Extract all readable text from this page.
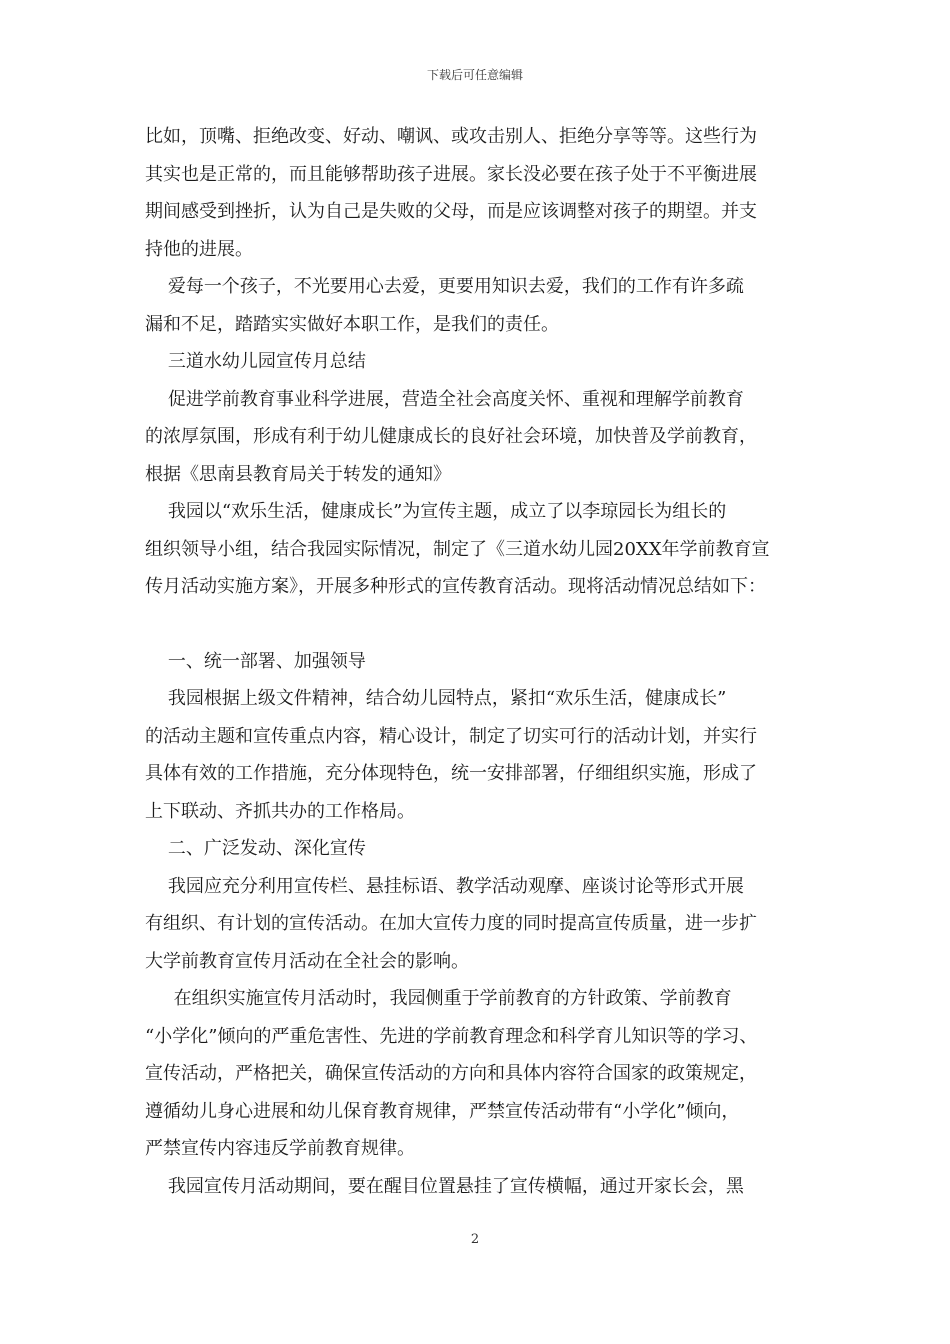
下载后可任意编辑

比如，顶嘴、拒绝改变、好动、嘲讽、或攻击别人、拒绝分享等等。这些行为

其实也是正常的，而且能够帮助孩子进展。家长没必要在孩子处于不平衡进展

期间感受到挫折，认为自己是失败的父母，而是应该调整对孩子的期望。并支

持他的进展。

爱每一个孩子，不光要用心去爱，更要用知识去爱，我们的工作有许多疏

漏和不足，踏踏实实做好本职工作，是我们的责任。

三道水幼儿园宣传月总结

促进学前教育事业科学进展，营造全社会高度关怀、重视和理解学前教育

的浓厚氛围，形成有利于幼儿健康成长的良好社会环境，加快普及学前教育，

根据《思南县教育局关于转发的通知》

我园以“欢乐生活，健康成长”为宣传主题，成立了以李琼园长为组长的

组织领导小组，结合我园实际情况，制定了《三道水幼儿园20XX年学前教育宣

传月活动实施方案》，开展多种形式的宣传教育活动。现将活动情况总结如下：

一、统一部署、加强领导

我园根据上级文件精神，结合幼儿园特点，紧扣“欢乐生活，健康成长”

的活动主题和宣传重点内容，精心设计，制定了切实可行的活动计划，并实行

具体有效的工作措施，充分体现特色，统一安排部署，仔细组织实施，形成了

上下联动、齐抓共办的工作格局。

二、广泛发动、深化宣传

我园应充分利用宣传栏、悬挂标语、教学活动观摩、座谈讨论等形式开展

有组织、有计划的宣传活动。在加大宣传力度的同时提高宣传质量，进一步扩

大学前教育宣传月活动在全社会的影响。

在组织实施宣传月活动时，我园侧重于学前教育的方针政策、学前教育

“小学化”倾向的严重危害性、先进的学前教育理念和科学育儿知识等的学习、

宣传活动，严格把关，确保宣传活动的方向和具体内容符合国家的政策规定，

遵循幼儿身心进展和幼儿保育教育规律，严禁宣传活动带有“小学化”倾向，

严禁宣传内容违反学前教育规律。

我园宣传月活动期间，要在醒目位置悬挂了宣传横幅，通过开家长会，黑

2
